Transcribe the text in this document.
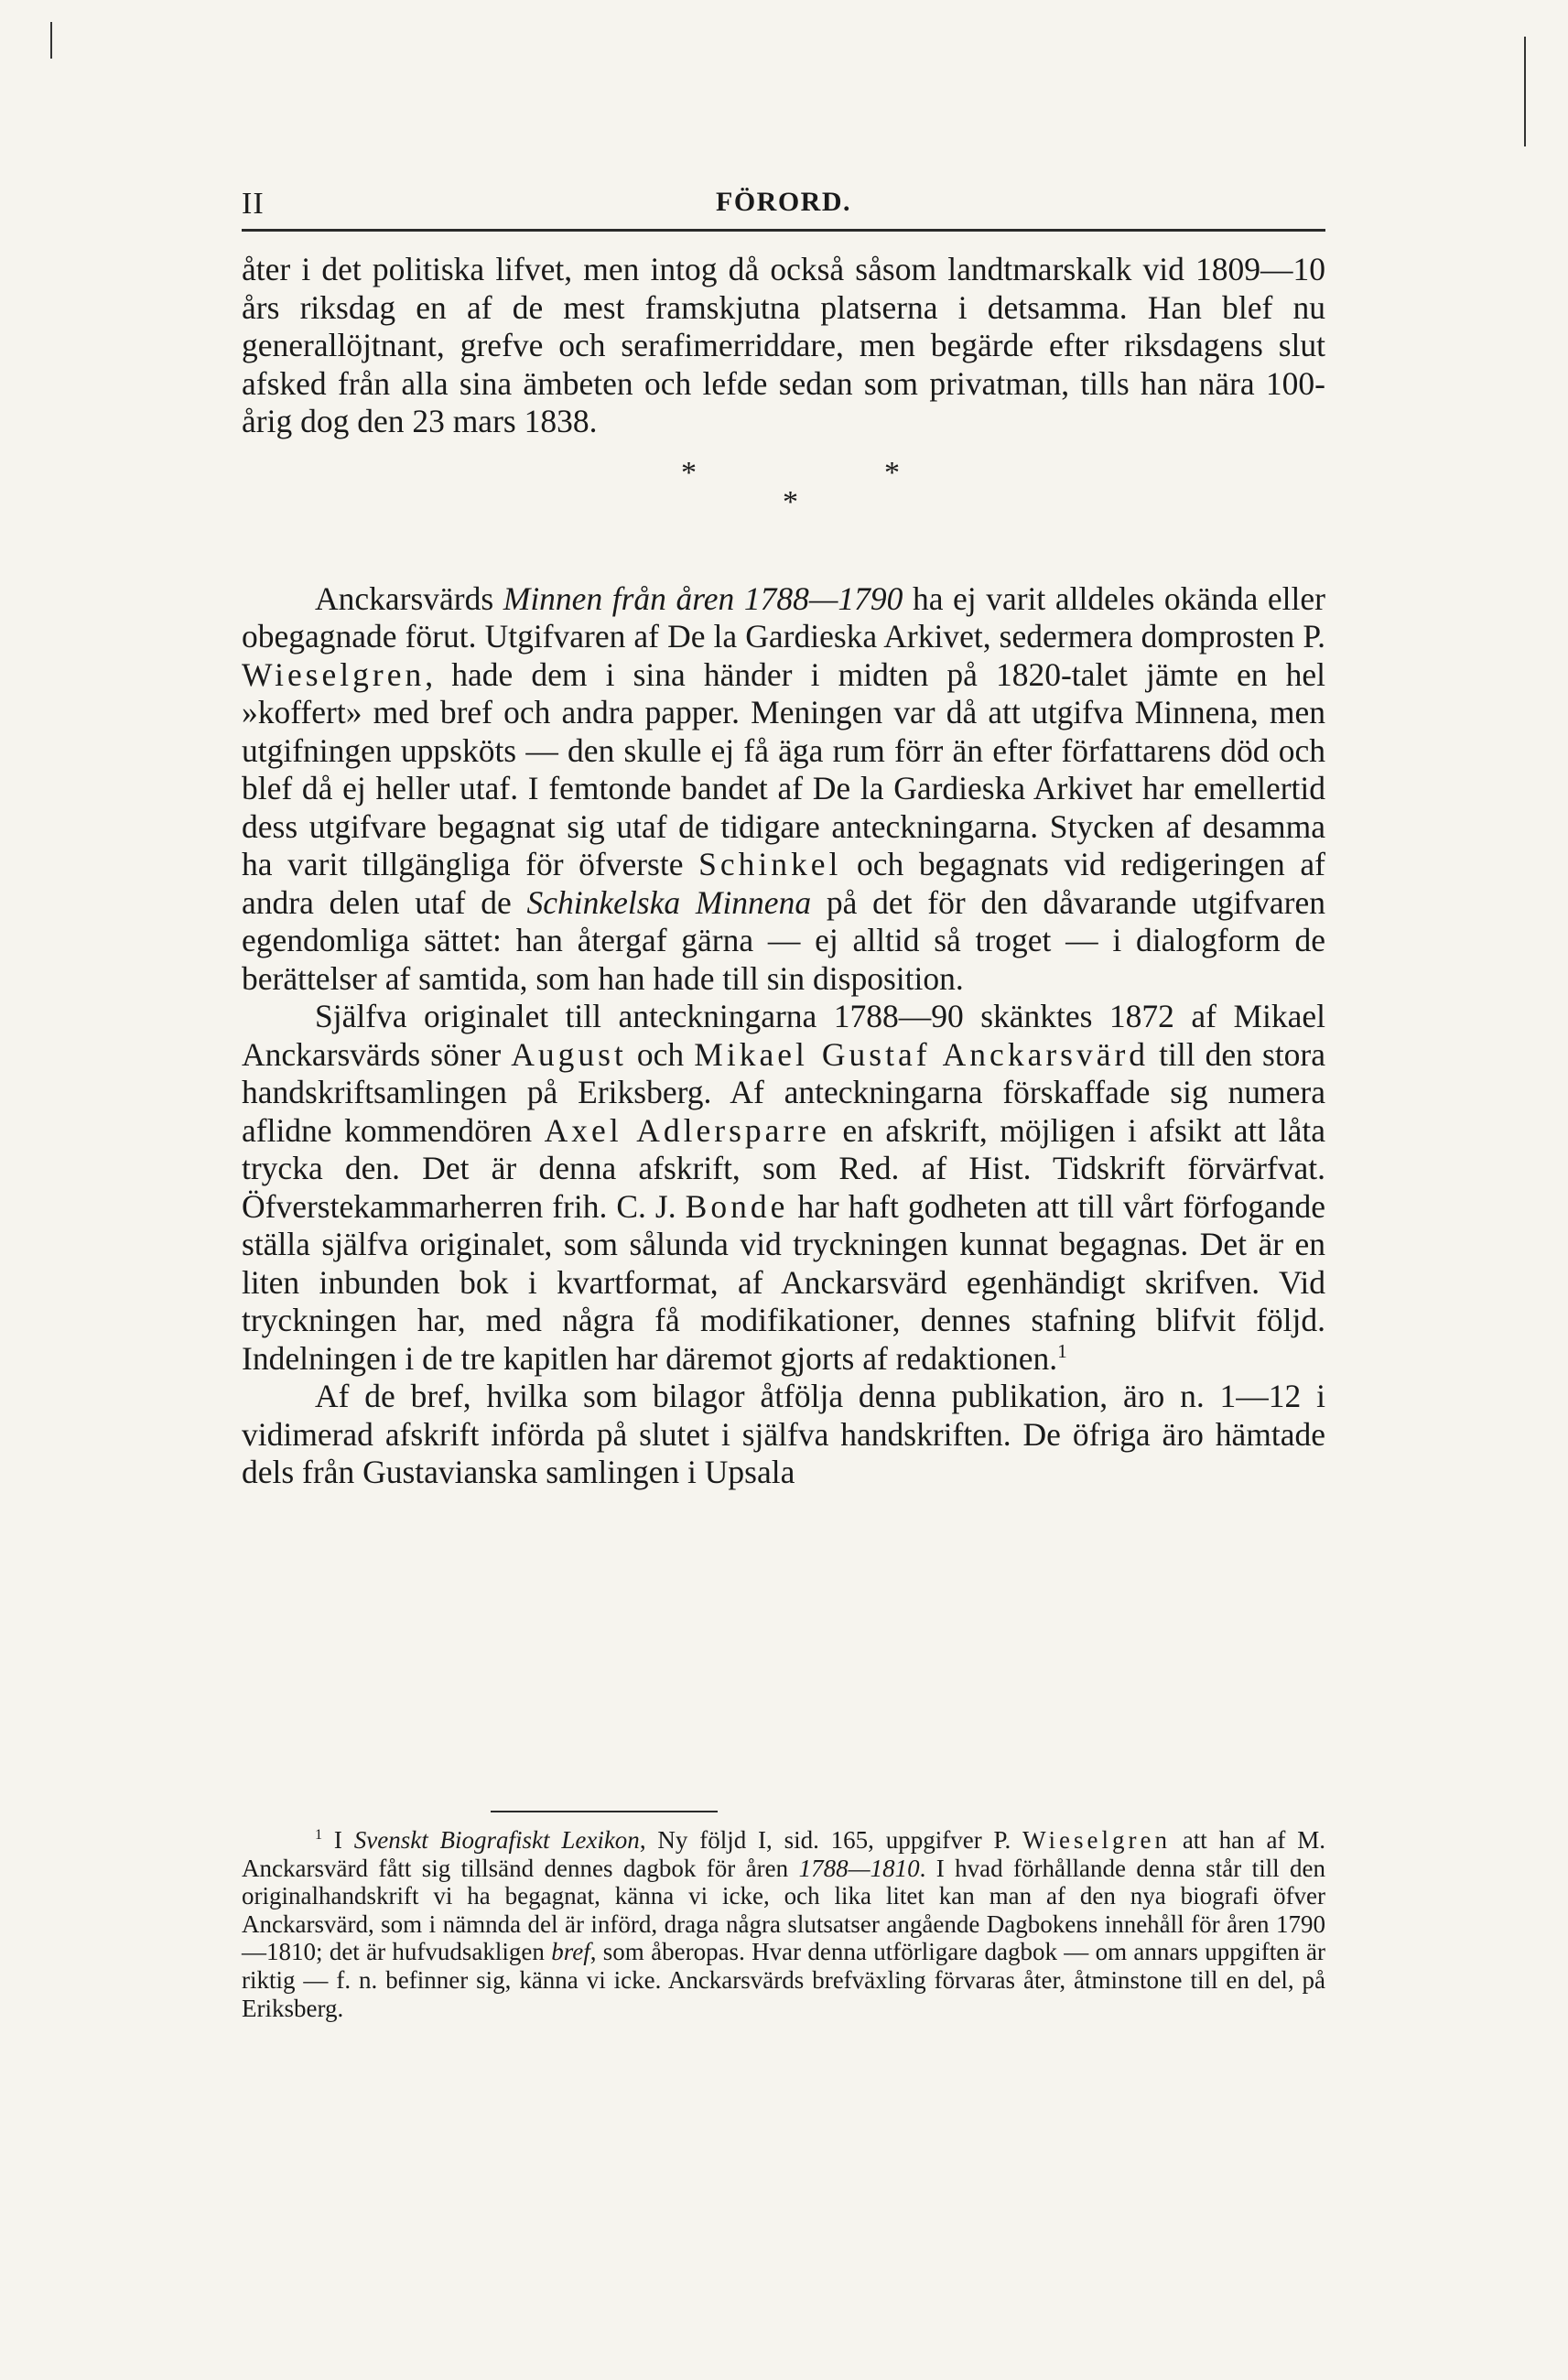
II	FÖRORD.

åter i det politiska lifvet, men intog då också såsom landtmarskalk vid 1809—10 års riksdag en af de mest framskjutna platserna i detsamma. Han blef nu generallöjtnant, grefve och serafimerriddare, men begärde efter riksdagens slut afsked från alla sina ämbeten och lefde sedan som privatman, tills han nära 100-årig dog den 23 mars 1838.

*	*
*

Anckarsvärds Minnen från åren 1788—1790 ha ej varit alldeles okända eller obegagnade förut. Utgifvaren af De la Gardieska Arkivet, sedermera domprosten P. Wieselgren, hade dem i sina händer i midten på 1820-talet jämte en hel »koffert» med bref och andra papper. Meningen var då att utgifva Minnena, men utgifningen uppsköts — den skulle ej få äga rum förr än efter författarens död och blef då ej heller utaf. I femtonde bandet af De la Gardieska Arkivet har emellertid dess utgifvare begagnat sig utaf de tidigare anteckningarna. Stycken af desamma ha varit tillgängliga för öfverste Schinkel och begagnats vid redigeringen af andra delen utaf de Schinkelska Minnena på det för den dåvarande utgifvaren egendomliga sättet: han återgaf gärna — ej alltid så troget — i dialogform de berättelser af samtida, som han hade till sin disposition.

Själfva originalet till anteckningarna 1788—90 skänktes 1872 af Mikael Anckarsvärds söner August och Mikael Gustaf Anckarsvärd till den stora handskriftsamlingen på Eriksberg. Af anteckningarna förskaffade sig numera aflidne kommendören Axel Adlersparre en afskrift, möjligen i afsikt att låta trycka den. Det är denna afskrift, som Red. af Hist. Tidskrift förvärfvat. Öfverstekammarherren frih. C. J. Bonde har haft godheten att till vårt förfogande ställa själfva originalet, som sålunda vid tryckningen kunnat begagnas. Det är en liten inbunden bok i kvartformat, af Anckarsvärd egenhändigt skrifven. Vid tryckningen har, med några få modifikationer, dennes stafning blifvit följd. Indelningen i de tre kapitlen har däremot gjorts af redaktionen.$^1$

Af de bref, hvilka som bilagor åtfölja denna publikation, äro n. 1—12 i vidimerad afskrift införda på slutet i själfva handskriften. De öfriga äro hämtade dels från Gustavianska samlingen i Upsala

$^1$ I Svenskt Biografiskt Lexikon, Ny följd I, sid. 165, uppgifver P. Wieselgren att han af M. Anckarsvärd fått sig tillsänd dennes dagbok för åren 1788—1810. I hvad förhållande denna står till den originalhandskrift vi ha begagnat, känna vi icke, och lika litet kan man af den nya biografi öfver Anckarsvärd, som i nämnda del är införd, draga några slutsatser angående Dagbokens innehåll för åren 1790—1810; det är hufvudsakligen bref, som åberopas. Hvar denna utförligare dagbok — om annars uppgiften är riktig — f. n. befinner sig, känna vi icke. Anckarsvärds brefväxling förvaras åter, åtminstone till en del, på Eriksberg.
